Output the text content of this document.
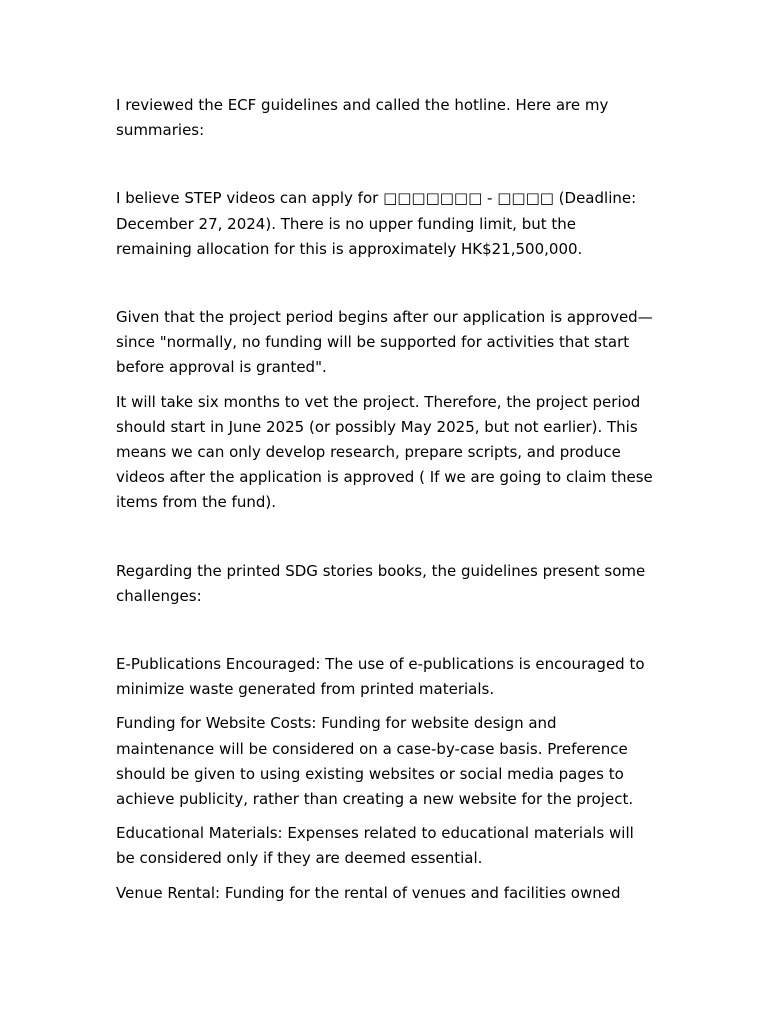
I reviewed the ECF guidelines and called the hotline. Here are my summaries:

I believe STEP videos can apply for □□□□□□□ - □□□□ (Deadline: December 27, 2024). There is no upper funding limit, but the remaining allocation for this is approximately HK$21,500,000.

Given that the project period begins after our application is approved—since "normally, no funding will be supported for activities that start before approval is granted".

It will take six months to vet the project. Therefore, the project period should start in June 2025 (or possibly May 2025, but not earlier). This means we can only develop research, prepare scripts, and produce videos after the application is approved ( If we are going to claim these items from the fund).

Regarding the printed SDG stories books, the guidelines present some challenges:

E-Publications Encouraged: The use of e-publications is encouraged to minimize waste generated from printed materials.

Funding for Website Costs: Funding for website design and maintenance will be considered on a case-by-case basis. Preference should be given to using existing websites or social media pages to achieve publicity, rather than creating a new website for the project.

Educational Materials: Expenses related to educational materials will be considered only if they are deemed essential.

Venue Rental: Funding for the rental of venues and facilities owned
